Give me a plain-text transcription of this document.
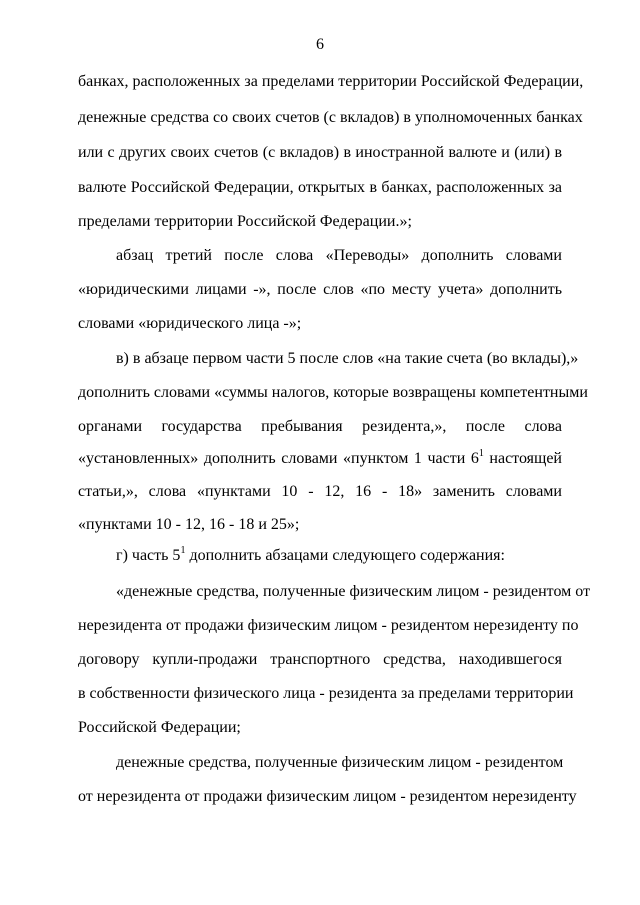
6
банках, расположенных за пределами территории Российской Федерации,
денежные средства со своих счетов (с вкладов) в уполномоченных банках
или с других своих счетов (с вкладов) в иностранной валюте и (или) в
валюте Российской Федерации, открытых в банках, расположенных за
пределами территории Российской Федерации.»;
абзац третий после слова «Переводы» дополнить словами
«юридическими лицами -», после слов «по месту учета» дополнить
словами «юридического лица -»;
в) в абзаце первом части 5 после слов «на такие счета (во вклады),»
дополнить словами «суммы налогов, которые возвращены компетентными
органами государства пребывания резидента,», после слова
«установленных» дополнить словами «пунктом 1 части $6^1$ настоящей
статьи,», слова «пунктами 10 - 12, 16 - 18» заменить словами
«пунктами 10 - 12, 16 - 18 и 25»;
г) часть $5^1$ дополнить абзацами следующего содержания:
«денежные средства, полученные физическим лицом - резидентом от
нерезидента от продажи физическим лицом - резидентом нерезиденту по
договору купли-продажи транспортного средства, находившегося
в собственности физического лица - резидента за пределами территории
Российской Федерации;
денежные средства, полученные физическим лицом - резидентом
от нерезидента от продажи физическим лицом - резидентом нерезиденту
